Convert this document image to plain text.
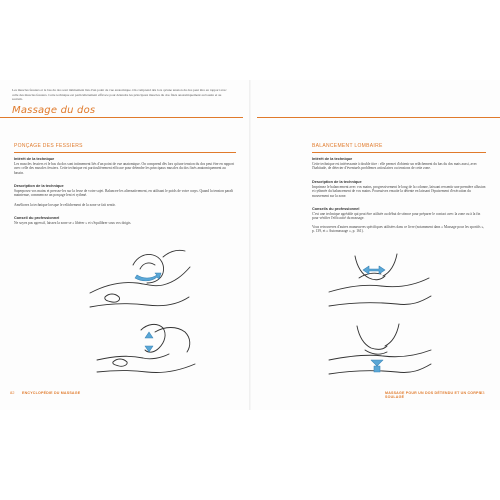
Les muscles fessiers et le bas du dos sont intimement liés d'un point de vue anatomique. On comprend dès lors qu'une tension du dos peut être en rapport avec celle des muscles fessiers. Cette technique est particulièrement efficace pour détendre les principaux muscles du dos fixés anatomiquement au bassin et au sacrum.
Massage du dos
PONÇAGE DES FESSIERS
Intérêt de la technique
Les muscles fessiers et le bas du dos sont intimement liés d'un point de vue anatomique. On comprend dès lors qu'une tension du dos peut être en rapport avec celle des muscles fessiers. Cette technique est particulièrement efficace pour détendre les principaux muscles du dos fixés anatomiquement au bassin.
Description de la technique
Superposez vos mains et pressez-les sur la fesse de votre sujet. Balancez-les alternativement, en utilisant le poids de votre corps. Quand la tension paraît maintenue, commencez un ponçage lent et rythmé.
Améliorez la technique lorsque le relâchement de la zone se fait sentir.
Conseil du professionnel
Ne soyez pas agressif, laissez la zone se « libérer » et s'équilibrer sous vos doigts.
82 ENCYCLOPÉDIE DU MASSAGE
BALANCEMENT LOMBAIRE
Intérêt de la technique
Cette technique est intéressante à double titre : elle permet d'obtenir un relâchement du bas du dos mais aussi, avec l'habitude, de détecter d'éventuels problèmes articulaires ou tensions de cette zone.
Description de la technique
Imprimez le balancement avec vos mains, progressivement le long de la colonne, laissant ressentir une première allusion et rythmée du balancement de vos mains. Poursuivez ensuite la détente en laissant l'épuisement d'exécution du mouvement sur la zone.
Conseils du professionnel
C'est une technique agréable qui peut être utilisée au début de séance pour préparer le contact avec la zone ou à la fin pour vérifier l'efficacité du massage.
Vous retrouverez d'autres manœuvres spécifiques utilisées dans ce livre (notamment dans « Massage pour les sportifs », p. 139, et « Automassage », p. 161).
MASSAGE POUR UN DOS DÉTENDU ET UN CORPS SOULAGÉ
83
